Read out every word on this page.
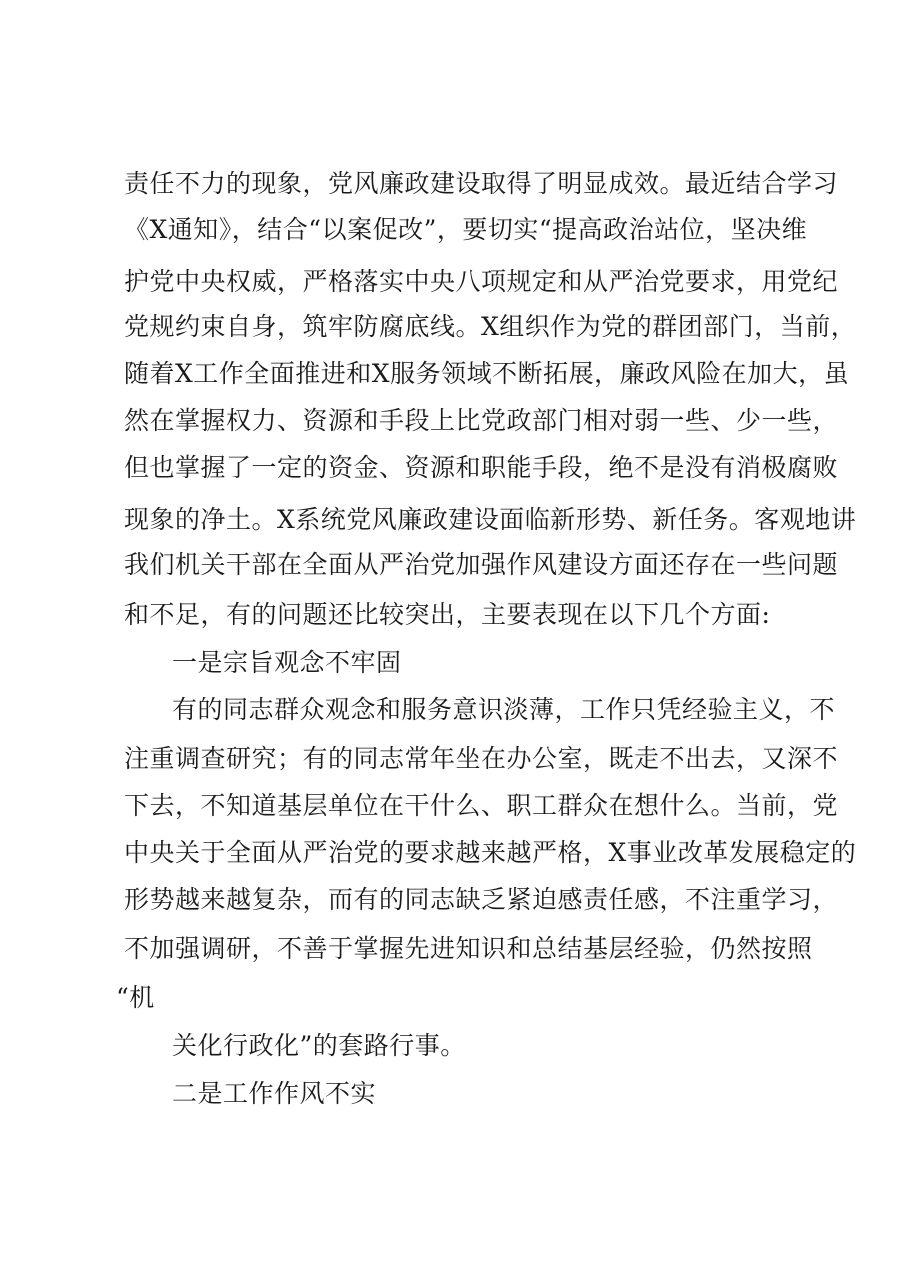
责任不力的现象，党风廉政建设取得了明显成效。最近结合学习
《X通知》，结合“以案促改”，要切实“提高政治站位，坚决维
护党中央权威，严格落实中央八项规定和从严治党要求，用党纪
党规约束自身，筑牢防腐底线。X组织作为党的群团部门，当前，
随着X工作全面推进和X服务领域不断拓展，廉政风险在加大，虽
然在掌握权力、资源和手段上比党政部门相对弱一些、少一些，
但也掌握了一定的资金、资源和职能手段，绝不是没有消极腐败
现象的净土。X系统党风廉政建设面临新形势、新任务。客观地讲
我们机关干部在全面从严治党加强作风建设方面还存在一些问题
和不足，有的问题还比较突出，主要表现在以下几个方面:
一是宗旨观念不牢固
有的同志群众观念和服务意识淡薄，工作只凭经验主义，不
注重调查研究；有的同志常年坐在办公室，既走不出去，又深不
下去，不知道基层单位在干什么、职工群众在想什么。当前，党
中央关于全面从严治党的要求越来越严格，X事业改革发展稳定的
形势越来越复杂，而有的同志缺乏紧迫感责任感，不注重学习，
不加强调研，不善于掌握先进知识和总结基层经验，仍然按照
“机
关化行政化”的套路行事。
二是工作作风不实
